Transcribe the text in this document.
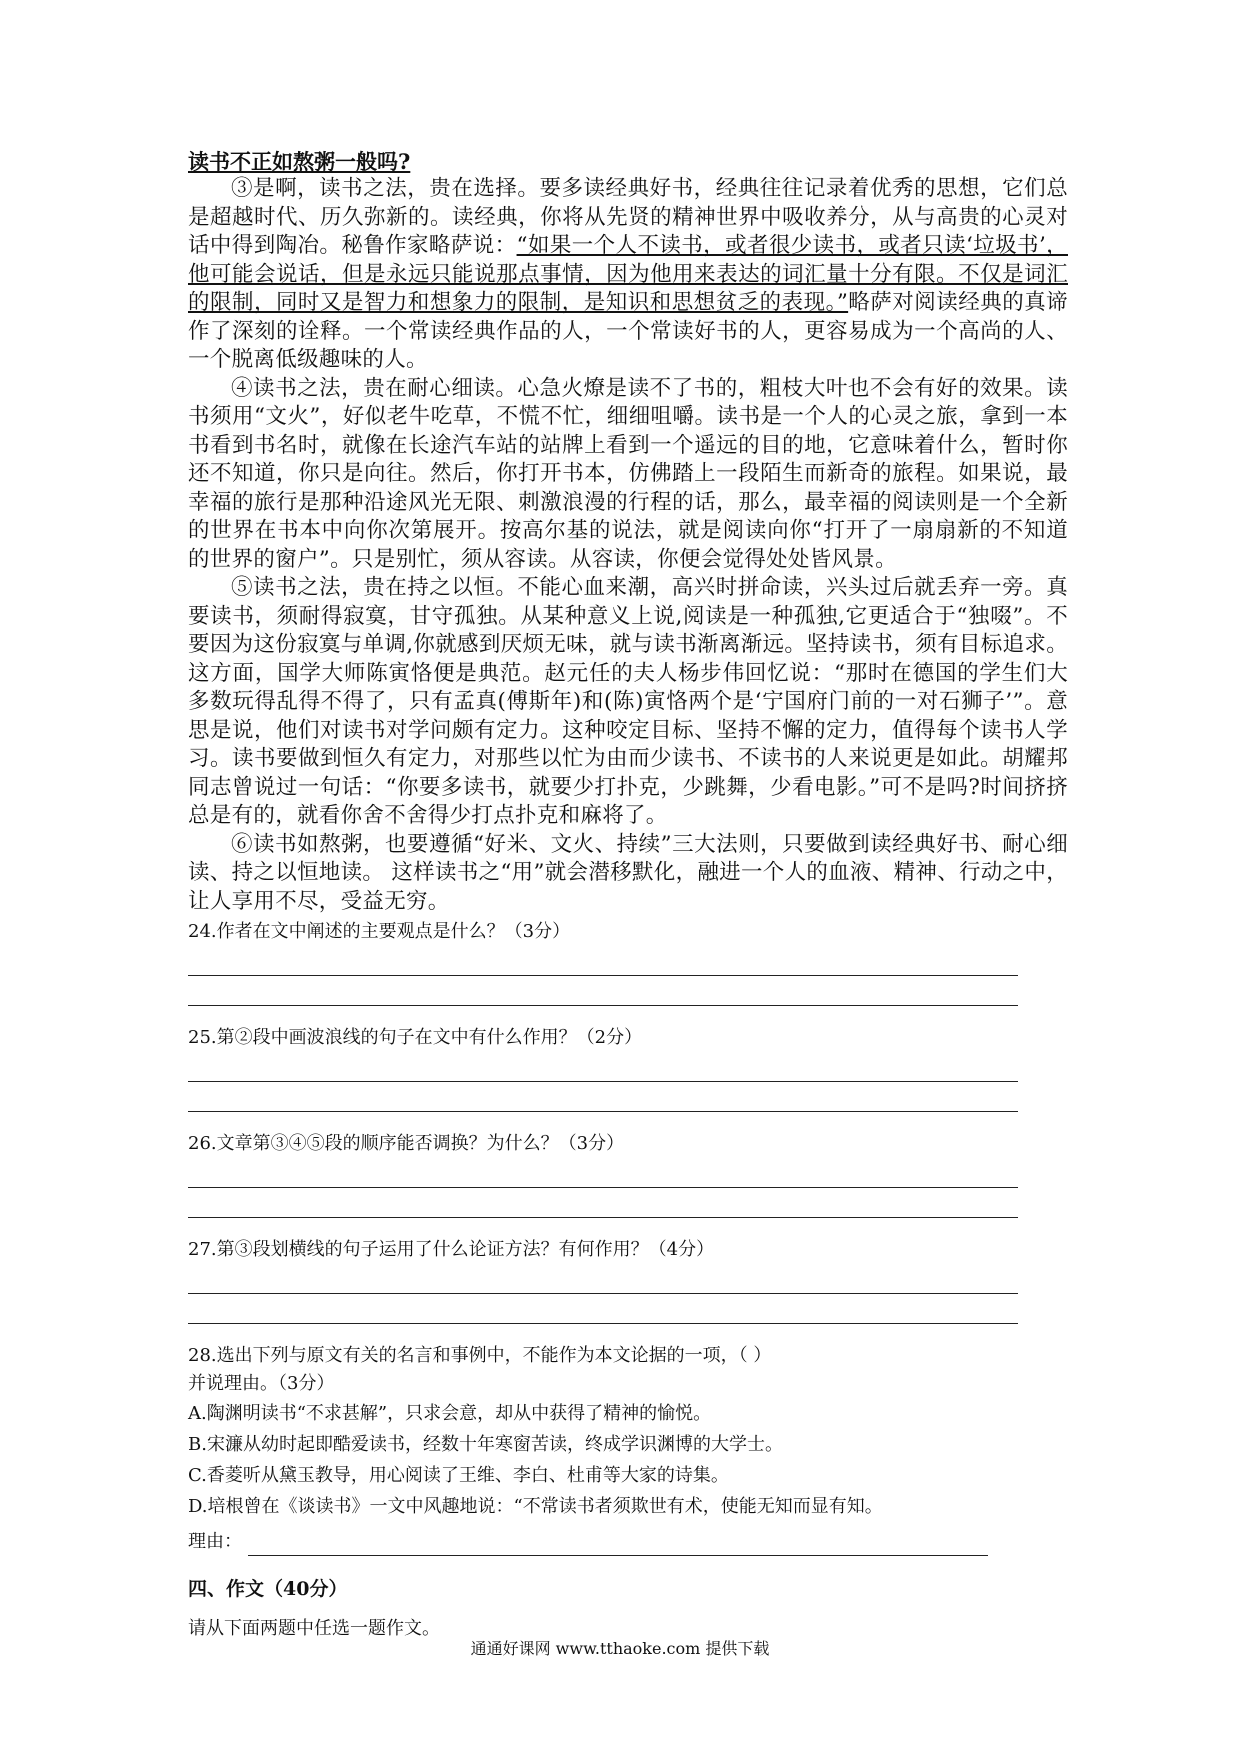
读书不正如熬粥一般吗?

③是啊，读书之法，贵在选择。要多读经典好书，经典往往记录着优秀的思想，它们总是超越时代、历久弥新的。读经典，你将从先贤的精神世界中吸收养分，从与高贵的心灵对话中得到陶冶。秘鲁作家略萨说：“如果一个人不读书，或者很少读书，或者只读‘垃圾书’，他可能会说话，但是永远只能说那点事情，因为他用来表达的词汇量十分有限。不仅是词汇的限制，同时又是智力和想象力的限制，是知识和思想贫乏的表现。”略萨对阅读经典的真谛作了深刻的诠释。一个常读经典作品的人，一个常读好书的人，更容易成为一个高尚的人、一个脱离低级趣味的人。

④读书之法，贵在耐心细读。心急火燎是读不了书的，粗枝大叶也不会有好的效果。读书须用“文火”，好似老牛吃草，不慌不忙，细细咀嚼。读书是一个人的心灵之旅，拿到一本书看到书名时，就像在长途汽车站的站牌上看到一个遥远的目的地，它意味着什么，暂时你还不知道，你只是向往。然后，你打开书本，仿佛踏上一段陌生而新奇的旅程。如果说，最幸福的旅行是那种沿途风光无限、刺激浪漫的行程的话，那么，最幸福的阅读则是一个全新的世界在书本中向你次第展开。按高尔基的说法，就是阅读向你“打开了一扇扇新的不知道的世界的窗户”。只是别忙，须从容读。从容读，你便会觉得处处皆风景。

⑤读书之法，贵在持之以恒。不能心血来潮，高兴时拼命读，兴头过后就丢弃一旁。真要读书，须耐得寂寞，甘守孤独。从某种意义上说,阅读是一种孤独,它更适合于“独啜”。不要因为这份寂寞与单调,你就感到厌烦无味，就与读书渐离渐远。坚持读书，须有目标追求。这方面，国学大师陈寅恪便是典范。赵元任的夫人杨步伟回忆说：“那时在德国的学生们大多数玩得乱得不得了，只有孟真(傅斯年)和(陈)寅恪两个是‘宁国府门前的一对石狮子’”。意思是说，他们对读书对学问颇有定力。这种咬定目标、坚持不懈的定力，值得每个读书人学习。读书要做到恒久有定力，对那些以忙为由而少读书、不读书的人来说更是如此。胡耀邦同志曾说过一句话：“你要多读书，就要少打扑克，少跳舞，少看电影。”可不是吗?时间挤挤总是有的，就看你舍不舍得少打点扑克和麻将了。

⑥读书如熬粥，也要遵循“好米、文火、持续”三大法则，只要做到读经典好书、耐心细读、持之以恒地读。 这样读书之“用”就会潜移默化，融进一个人的血液、精神、行动之中，让人享用不尽，受益无穷。

24.作者在文中阐述的主要观点是什么？（3分）

25.第②段中画波浪线的句子在文中有什么作用？（2分）

26.文章第③④⑤段的顺序能否调换？为什么？（3分）

27.第③段划横线的句子运用了什么论证方法？有何作用？（4分）

28.选出下列与原文有关的名言和事例中，不能作为本文论据的一项，（ ）

并说理由。（3分）

A.陶渊明读书“不求甚解”，只求会意，却从中获得了精神的愉悦。

B.宋濂从幼时起即酷爱读书，经数十年寒窗苦读，终成学识渊博的大学士。

C.香菱听从黛玉教导，用心阅读了王维、李白、杜甫等大家的诗集。

D.培根曾在《谈读书》一文中风趣地说：“不常读书者须欺世有术，使能无知而显有知。

理由：

四、作文（40分）

请从下面两题中任选一题作文。

通通好课网 www.tthaoke.com 提供下载
